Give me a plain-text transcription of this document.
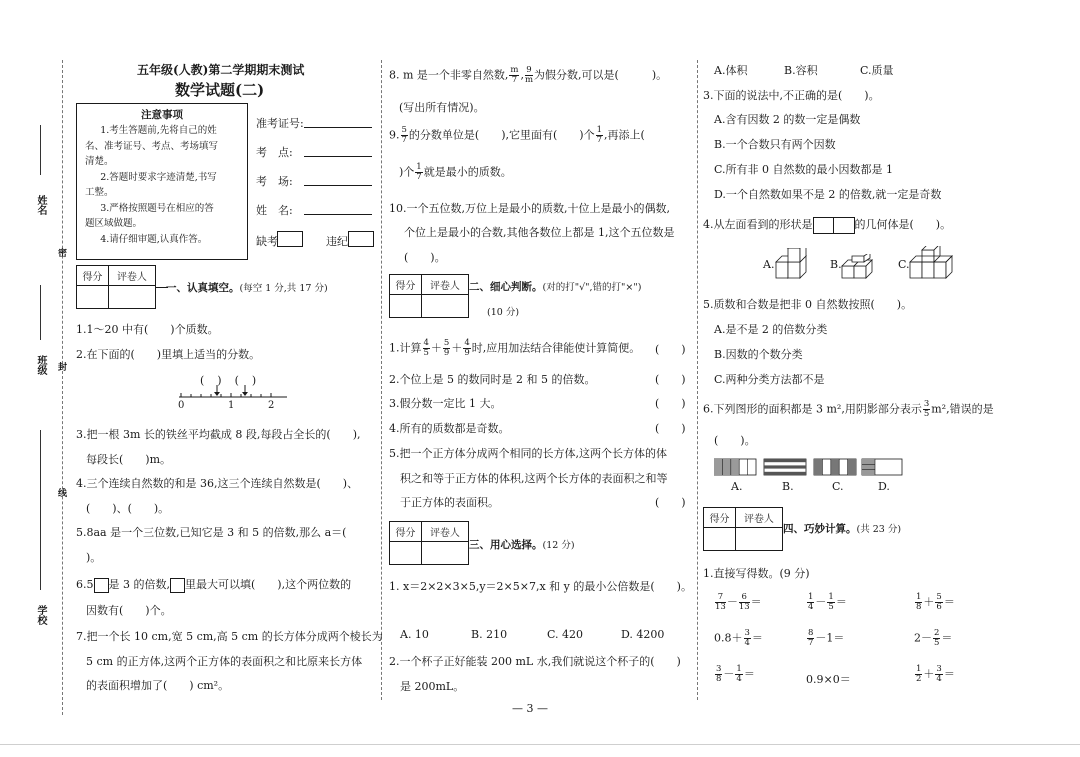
姓名
班级
学校
密
封
线
五年级(人教)第二学期期末测试
数学试题(二)
注意事项
1.考生答题前,先将自己的姓
名、准考证号、考点、考场填写
清楚。
2.答题时要求字迹清楚,书写
工整。
3.严格按照题号在相应的答
题区域做题。
4.请仔细审题,认真作答。
准考证号:
考　点:
考　场:
姓　名:
缺考	违纪
得分	评卷人

一、认真填空。(每空 1 分,共 17 分)
1.1～20 中有(　　)个质数。
2.在下面的(　　)里填上适当的分数。
(　)　(　)
0	1	2
3.把一根 3m 长的铁丝平均截成 8 段,每段占全长的(　　),
每段长(　　)m。
4.三个连续自然数的和是 36,这三个连续自然数是(　　)、
(　　)、(　　)。
5.8aa 是一个三位数,已知它是 3 和 5 的倍数,那么 a＝(
)。
6.5 是 3 的倍数, 里最大可以填(　　),这个两位数的
因数有(　　)个。
7.把一个长 10 cm,宽 5 cm,高 5 cm 的长方体分成两个棱长为
5 cm 的正方体,这两个正方体的表面积之和比原来长方体
的表面积增加了(　　) cm²。
8. m 是一个非零自然数, $\frac{m}{7}$ , $\frac{9}{m}$ 为假分数,可以是(　　　)。
(写出所有情况)。
9. $\frac{5}{7}$ 的分数单位是(　　),它里面有(　　)个 $\frac{1}{7}$ ,再添上(
)个 $\frac{1}{7}$ 就是最小的质数。
10.一个五位数,万位上是最小的质数,十位上是最小的偶数,
个位上是最小的合数,其他各数位上都是 1,这个五位数是
(　　)。
得分	评卷人
	二、细心判断。(对的打"√",错的打"×")
(10 分)
1.计算 $\frac{4}{5} + \frac{5}{9} + \frac{4}{9}$ 时,应用加法结合律能使计算简便。 (　　)
2.个位上是 5 的数同时是 2 和 5 的倍数。	(　　)
3.假分数一定比 1 大。	(　　)
4.所有的质数都是奇数。	(　　)
5.把一个正方体分成两个相同的长方体,这两个长方体的体
积之和等于正方体的体积,这两个长方体的表面积之和等
于正方体的表面积。	(　　)
得分	评卷人

三、用心选择。(12 分)
1. x＝2×2×3×5,y＝2×5×7,x 和 y 的最小公倍数是(　　)。
A. 10	B. 210	C. 420	D. 4200
2.一个杯子正好能装 200 mL 水,我们就说这个杯子的(　　)
是 200mL。
A.体积	B.容积	C.质量
3.下面的说法中,不正确的是(　　)。
A.含有因数 2 的数一定是偶数
B.一个合数只有两个因数
C.所有非 0 自然数的最小因数都是 1
D.一个自然数如果不是 2 的倍数,就一定是奇数
4.从左面看到的形状是	的几何体是(　　)。
A.	B.	C.
5.质数和合数是把非 0 自然数按照(　　)。
A.是不是 2 的倍数分类
B.因数的个数分类
C.两种分类方法都不是
6.下列图形的面积都是 3 m²,用阴影部分表示 $\frac{3}{5} m^2$,错误的是
(　　)。
A.	B.	C.	D.
得分	评卷人

四、巧妙计算。(共 23 分)
1.直接写得数。(9 分)
$\frac{7}{13} - \frac{6}{13}$ ＝	$\frac{1}{4} - \frac{1}{5}$ ＝	$\frac{1}{8} + \frac{5}{6}$ ＝
$0.8+ \frac{3}{4}$ ＝	$\frac{8}{7} -1=$	$2- \frac{2}{5}$ ＝
$\frac{3}{8} - \frac{1}{4}$ ＝	0.9×0＝	$\frac{1}{2} + \frac{3}{4}$ ＝
— 3 —
